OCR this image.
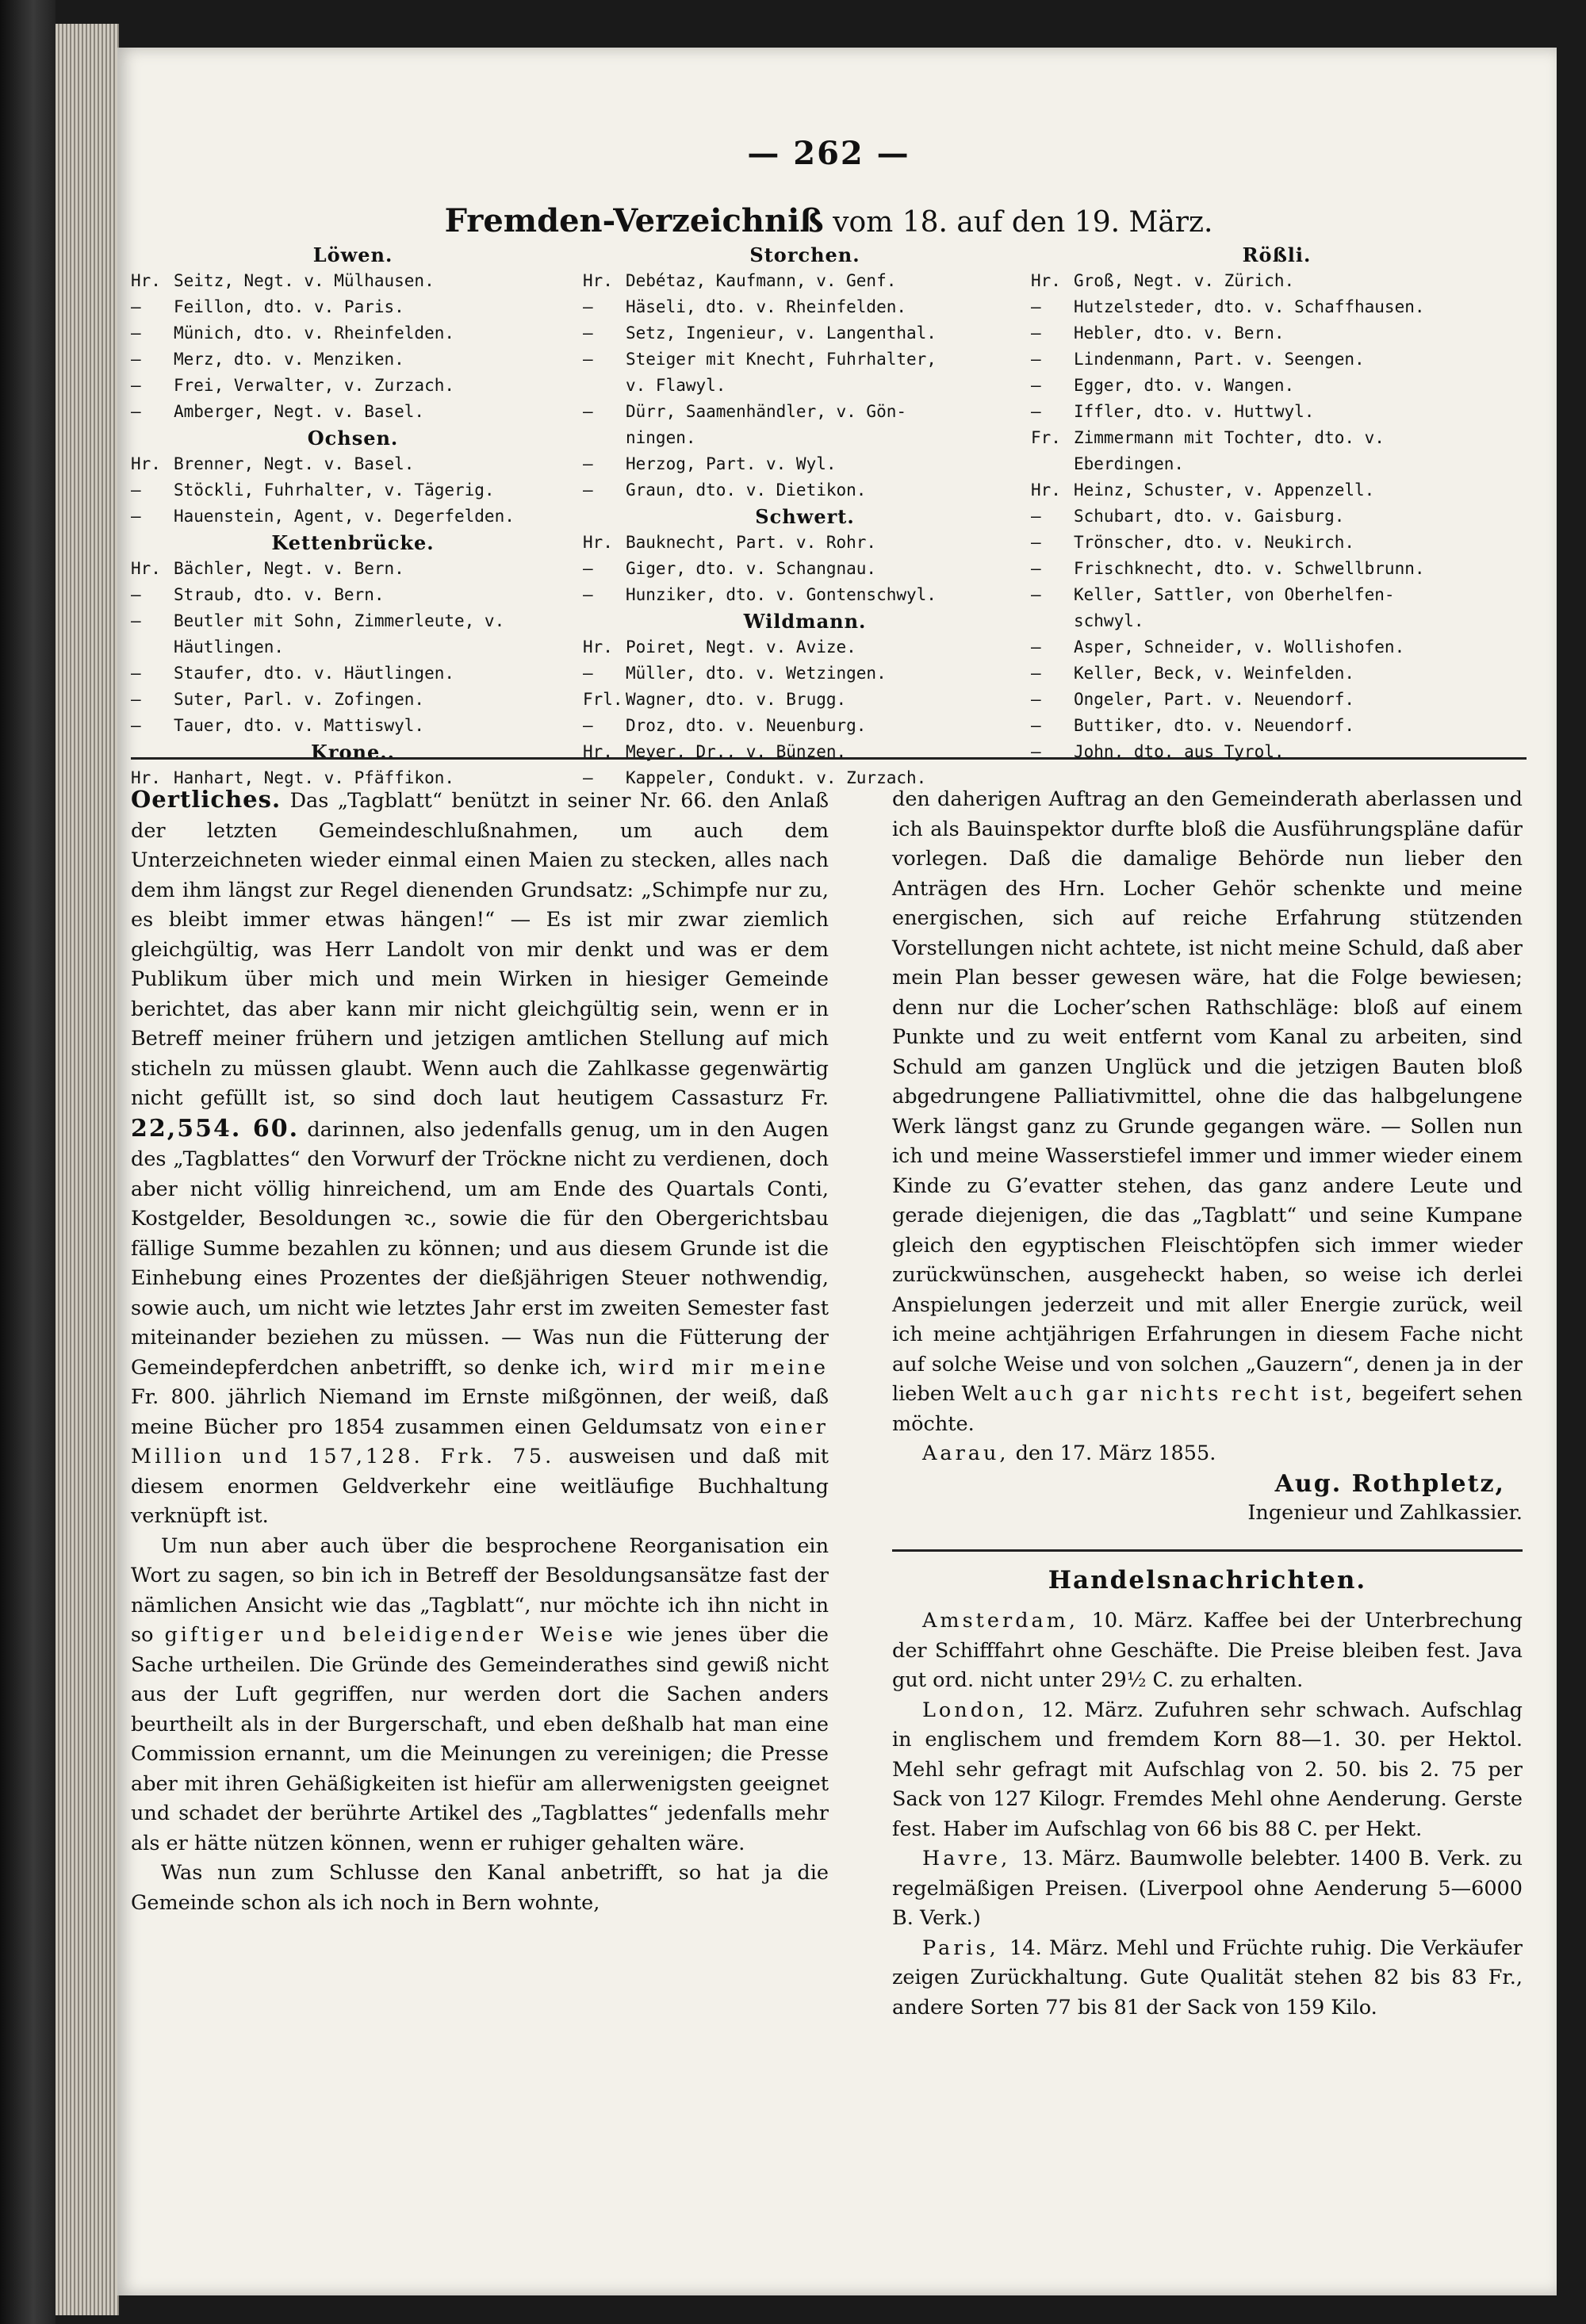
— 262 —
Fremden-Verzeichniß vom 18. auf den 19. März.
Löwen.
Hr. Seitz, Negt. v. Mülhausen.
—	Feillon, dto. v. Paris.
—	Münich, dto. v. Rheinfelden.
—	Merz, dto. v. Menziken.
—	Frei, Verwalter, v. Zurzach.
—	Amberger, Negt. v. Basel.
Ochsen.
Hr. Brenner, Negt. v. Basel.
—	Stöckli, Fuhrhalter, v. Tägerig.
—	Hauenstein, Agent, v. Degerfelden.
Kettenbrücke.
Hr. Bächler, Negt. v. Bern.
—	Straub, dto. v. Bern.
—	Beutler mit Sohn, Zimmerleute, v.
Häutlingen.
—	Staufer, dto. v. Häutlingen.
—	Suter, Parl. v. Zofingen.
—	Tauer, dto. v. Mattiswyl.
Krone..
Hr. Hanhart, Negt. v. Pfäffikon.
Storchen.
Hr. Debétaz, Kaufmann, v. Genf.
—	Häseli, dto. v. Rheinfelden.
—	Setz, Ingenieur, v. Langenthal.
—	Steiger mit Knecht, Fuhrhalter,
v. Flawyl.
—	Dürr, Saamenhändler, v. Gön-
ningen.
—	Herzog, Part. v. Wyl.
—	Graun, dto. v. Dietikon.
Schwert.
Hr. Bauknecht, Part. v. Rohr.
—	Giger, dto. v. Schangnau.
—	Hunziker, dto. v. Gontenschwyl.
Wildmann.
Hr. Poiret, Negt. v. Avize.
—	Müller, dto. v. Wetzingen.
Frl. Wagner, dto. v. Brugg.
—	Droz, dto. v. Neuenburg.
Hr. Meyer, Dr., v. Bünzen.
—	Kappeler, Condukt. v. Zurzach.
Rößli.
Hr. Groß, Negt. v. Zürich.
—	Hutzelsteder, dto. v. Schaffhausen.
—	Hebler, dto. v. Bern.
—	Lindenmann, Part. v. Seengen.
—	Egger, dto. v. Wangen.
—	Iffler, dto. v. Huttwyl.
Fr. Zimmermann mit Tochter, dto. v.
Eberdingen.
Hr. Heinz, Schuster, v. Appenzell.
—	Schubart, dto. v. Gaisburg.
—	Trönscher, dto. v. Neukirch.
—	Frischknecht, dto. v. Schwellbrunn.
—	Keller, Sattler, von Oberhelfen-
schwyl.
—	Asper, Schneider, v. Wollishofen.
—	Keller, Beck, v. Weinfelden.
—	Ongeler, Part. v. Neuendorf.
—	Buttiker, dto. v. Neuendorf.
—	John, dto. aus Tyrol.

Oertliches. Das „Tagblatt“ benützt in seiner Nr. 66. den Anlaß der letzten Gemeindeschlußnahmen, um auch dem Unterzeichneten wieder einmal einen Maien zu stecken, alles nach dem ihm längst zur Regel dienenden Grundsatz: „Schimpfe nur zu, es bleibt immer etwas hängen!“ — Es ist mir zwar ziemlich gleichgültig, was Herr Landolt von mir denkt und was er dem Publikum über mich und mein Wirken in hiesiger Gemeinde berichtet, das aber kann mir nicht gleichgültig sein, wenn er in Betreff meiner frühern und jetzigen amtlichen Stellung auf mich sticheln zu müssen glaubt. Wenn auch die Zahlkasse gegenwärtig nicht gefüllt ist, so sind doch laut heutigem Cassasturz Fr. 22,554. 60. darinnen, also jedenfalls genug, um in den Augen des „Tagblattes“ den Vorwurf der Tröckne nicht zu verdienen, doch aber nicht völlig hinreichend, um am Ende des Quartals Conti, Kostgelder, Besoldungen ꝛc., sowie die für den Obergerichtsbau fällige Summe bezahlen zu können; und aus diesem Grunde ist die Einhebung eines Prozentes der dießjährigen Steuer nothwendig, sowie auch, um nicht wie letztes Jahr erst im zweiten Semester fast miteinander beziehen zu müssen. — Was nun die Fütterung der Gemeindepferdchen anbetrifft, so denke ich, wird mir meine Fr. 800. jährlich Niemand im Ernste mißgönnen, der weiß, daß meine Bücher pro 1854 zusammen einen Geldumsatz von einer Million und 157,128. Frk. 75. ausweisen und daß mit diesem enormen Geldverkehr eine weitläufige Buchhaltung verknüpft ist.

Um nun aber auch über die besprochene Reorganisation ein Wort zu sagen, so bin ich in Betreff der Besoldungsansätze fast der nämlichen Ansicht wie das „Tagblatt“, nur möchte ich ihn nicht in so giftiger und beleidigender Weise wie jenes über die Sache urtheilen. Die Gründe des Gemeinderathes sind gewiß nicht aus der Luft gegriffen, nur werden dort die Sachen anders beurtheilt als in der Burgerschaft, und eben deßhalb hat man eine Commission ernannt, um die Meinungen zu vereinigen; die Presse aber mit ihren Gehäßigkeiten ist hiefür am allerwenigsten geeignet und schadet der berührte Artikel des „Tagblattes“ jedenfalls mehr als er hätte nützen können, wenn er ruhiger gehalten wäre.

Was nun zum Schlusse den Kanal anbetrifft, so hat ja die Gemeinde schon als ich noch in Bern wohnte,

den daherigen Auftrag an den Gemeinderath aberlassen und ich als Bauinspektor durfte bloß die Ausführungspläne dafür vorlegen. Daß die damalige Behörde nun lieber den Anträgen des Hrn. Locher Gehör schenkte und meine energischen, sich auf reiche Erfahrung stützenden Vorstellungen nicht achtete, ist nicht meine Schuld, daß aber mein Plan besser gewesen wäre, hat die Folge bewiesen; denn nur die Locher’schen Rathschläge: bloß auf einem Punkte und zu weit entfernt vom Kanal zu arbeiten, sind Schuld am ganzen Unglück und die jetzigen Bauten bloß abgedrungene Palliativmittel, ohne die das halbgelungene Werk längst ganz zu Grunde gegangen wäre. — Sollen nun ich und meine Wasserstiefel immer und immer wieder einem Kinde zu G’evatter stehen, das ganz andere Leute und gerade diejenigen, die das „Tagblatt“ und seine Kumpane gleich den egyptischen Fleischtöpfen sich immer wieder zurückwünschen, ausgeheckt haben, so weise ich derlei Anspielungen jederzeit und mit aller Energie zurück, weil ich meine achtjährigen Erfahrungen in diesem Fache nicht auf solche Weise und von solchen „Gauzern“, denen ja in der lieben Welt auch gar nichts recht ist, begeifert sehen möchte.

Aarau, den 17. März 1855.

Aug. Rothpletz,

Ingenieur und Zahlkassier.

Handelsnachrichten.

Amsterdam, 10. März. Kaffee bei der Unterbrechung der Schifffahrt ohne Geschäfte. Die Preise bleiben fest. Java gut ord. nicht unter 29½ C. zu erhalten.

London, 12. März. Zufuhren sehr schwach. Aufschlag in englischem und fremdem Korn 88—1. 30. per Hektol. Mehl sehr gefragt mit Aufschlag von 2. 50. bis 2. 75 per Sack von 127 Kilogr. Fremdes Mehl ohne Aenderung. Gerste fest. Haber im Aufschlag von 66 bis 88 C. per Hekt.

Havre, 13. März. Baumwolle belebter. 1400 B. Verk. zu regelmäßigen Preisen. (Liverpool ohne Aenderung 5—6000 B. Verk.)

Paris, 14. März. Mehl und Früchte ruhig. Die Verkäufer zeigen Zurückhaltung. Gute Qualität stehen 82 bis 83 Fr., andere Sorten 77 bis 81 der Sack von 159 Kilo.
